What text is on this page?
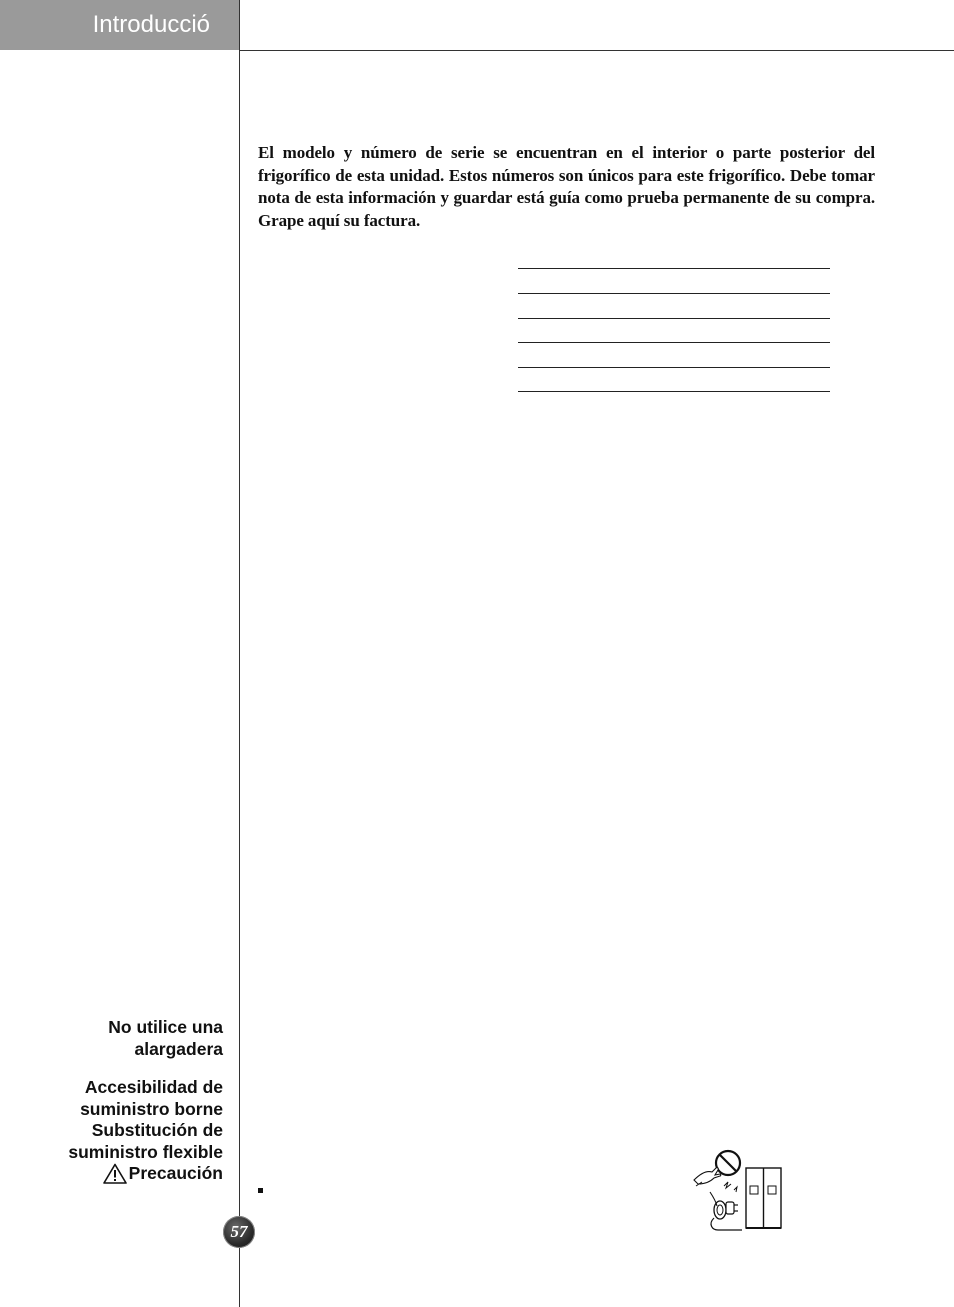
Introducció

El modelo y número de serie se encuentran en el interior o parte posterior del frigorífico de esta unidad. Estos números son únicos para este frigorífico. Debe tomar nota de esta información y guardar está guía como prueba permanente de su compra. Grape aquí su factura.

No utilice una
alargadera
Accesibilidad de
suministro borne
Substitución de
suministro flexible
Precaución
57
